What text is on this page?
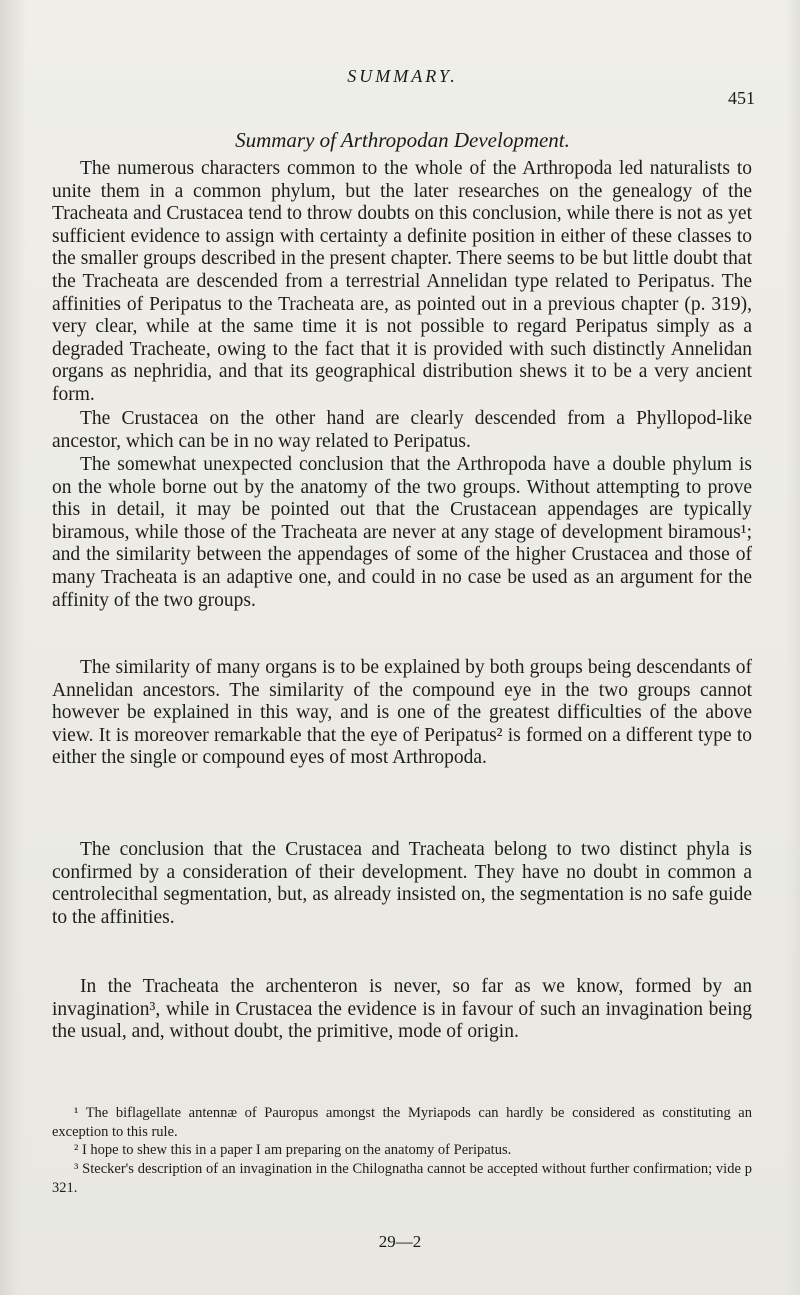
SUMMARY.
451
Summary of Arthropodan Development.

The numerous characters common to the whole of the Arthropoda led naturalists to unite them in a common phylum, but the later researches on the genealogy of the Tracheata and Crustacea tend to throw doubts on this conclusion, while there is not as yet sufficient evidence to assign with certainty a definite position in either of these classes to the smaller groups described in the present chapter. There seems to be but little doubt that the Tracheata are descended from a terrestrial Annelidan type related to Peripatus. The affinities of Peripatus to the Tracheata are, as pointed out in a previous chapter (p. 319), very clear, while at the same time it is not possible to regard Peripatus simply as a degraded Tracheate, owing to the fact that it is provided with such distinctly Annelidan organs as nephridia, and that its geographical distribution shews it to be a very ancient form.

The Crustacea on the other hand are clearly descended from a Phyllopod-like ancestor, which can be in no way related to Peripatus.

The somewhat unexpected conclusion that the Arthropoda have a double phylum is on the whole borne out by the anatomy of the two groups. Without attempting to prove this in detail, it may be pointed out that the Crustacean appendages are typically biramous, while those of the Tracheata are never at any stage of development biramous¹; and the similarity between the appendages of some of the higher Crustacea and those of many Tracheata is an adaptive one, and could in no case be used as an argument for the affinity of the two groups.

The similarity of many organs is to be explained by both groups being descendants of Annelidan ancestors. The similarity of the compound eye in the two groups cannot however be explained in this way, and is one of the greatest difficulties of the above view. It is moreover remarkable that the eye of Peripatus² is formed on a different type to either the single or compound eyes of most Arthropoda.

The conclusion that the Crustacea and Tracheata belong to two distinct phyla is confirmed by a consideration of their development. They have no doubt in common a centrolecithal segmentation, but, as already insisted on, the segmentation is no safe guide to the affinities.

In the Tracheata the archenteron is never, so far as we know, formed by an invagination³, while in Crustacea the evidence is in favour of such an invagination being the usual, and, without doubt, the primitive, mode of origin.

¹ The biflagellate antennæ of Pauropus amongst the Myriapods can hardly be considered as constituting an exception to this rule.

² I hope to shew this in a paper I am preparing on the anatomy of Peripatus.

³ Stecker's description of an invagination in the Chilognatha cannot be accepted without further confirmation; vide p 321.

29—2
